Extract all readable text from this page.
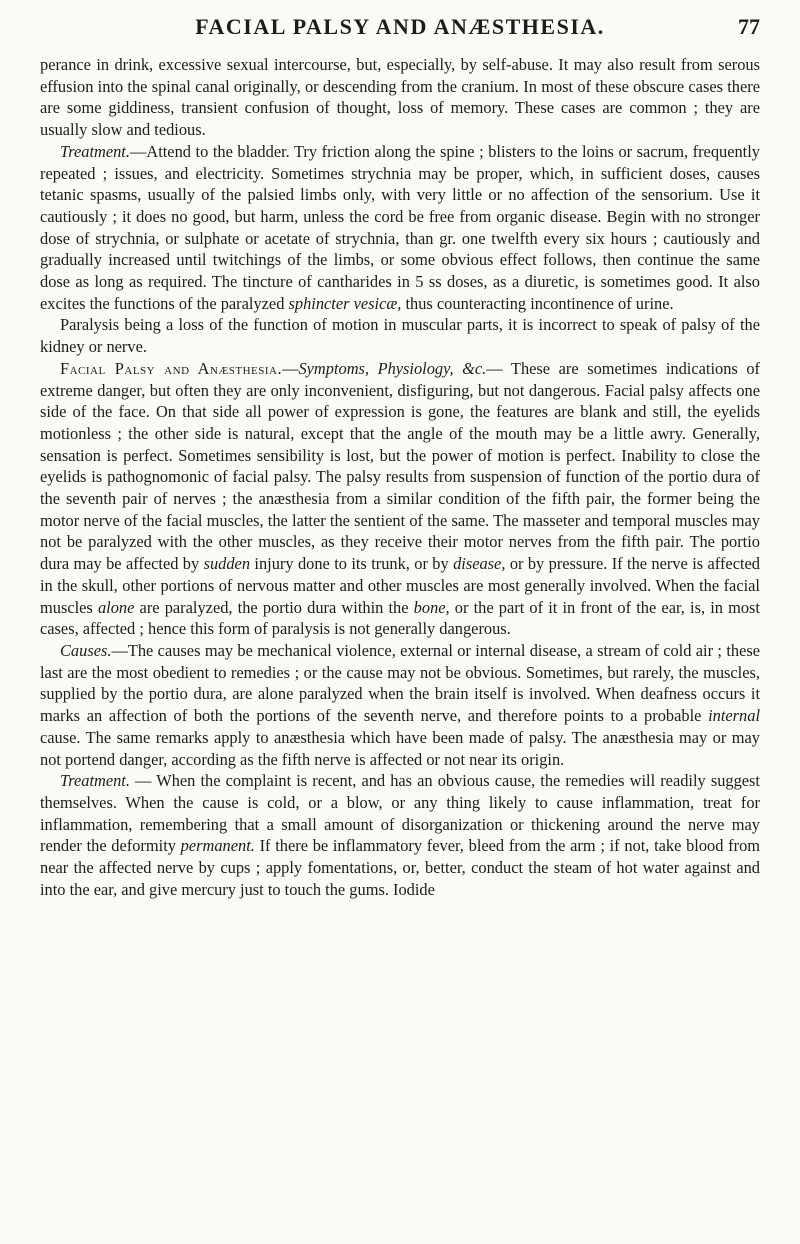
FACIAL PALSY AND ANÆSTHESIA.	77

perance in drink, excessive sexual intercourse, but, especially, by self-abuse. It may also result from serous effusion into the spinal canal originally, or descending from the cranium. In most of these obscure cases there are some giddiness, transient confusion of thought, loss of memory. These cases are common ; they are usually slow and tedious.

Treatment.—Attend to the bladder. Try friction along the spine ; blisters to the loins or sacrum, frequently repeated ; issues, and electricity. Sometimes strychnia may be proper, which, in sufficient doses, causes tetanic spasms, usually of the palsied limbs only, with very little or no affection of the sensorium. Use it cautiously ; it does no good, but harm, unless the cord be free from organic disease. Begin with no stronger dose of strychnia, or sulphate or acetate of strychnia, than gr. one twelfth every six hours ; cautiously and gradually increased until twitchings of the limbs, or some obvious effect follows, then continue the same dose as long as required. The tincture of cantharides in 5 ss doses, as a diuretic, is sometimes good. It also excites the functions of the paralyzed sphincter vesicæ, thus counteracting incontinence of urine.

Paralysis being a loss of the function of motion in muscular parts, it is incorrect to speak of palsy of the kidney or nerve.

Facial Palsy and Anæsthesia.—Symptoms, Physiology, &c.— These are sometimes indications of extreme danger, but often they are only inconvenient, disfiguring, but not dangerous. Facial palsy affects one side of the face. On that side all power of expression is gone, the features are blank and still, the eyelids motionless ; the other side is natural, except that the angle of the mouth may be a little awry. Generally, sensation is perfect. Sometimes sensibility is lost, but the power of motion is perfect. Inability to close the eyelids is pathognomonic of facial palsy. The palsy results from suspension of function of the portio dura of the seventh pair of nerves ; the anæsthesia from a similar condition of the fifth pair, the former being the motor nerve of the facial muscles, the latter the sentient of the same. The masseter and temporal muscles may not be paralyzed with the other muscles, as they receive their motor nerves from the fifth pair. The portio dura may be affected by sudden injury done to its trunk, or by disease, or by pressure. If the nerve is affected in the skull, other portions of nervous matter and other muscles are most generally involved. When the facial muscles alone are paralyzed, the portio dura within the bone, or the part of it in front of the ear, is, in most cases, affected ; hence this form of paralysis is not generally dangerous.

Causes.—The causes may be mechanical violence, external or internal disease, a stream of cold air ; these last are the most obedient to remedies ; or the cause may not be obvious. Sometimes, but rarely, the muscles, supplied by the portio dura, are alone paralyzed when the brain itself is involved. When deafness occurs it marks an affection of both the portions of the seventh nerve, and therefore points to a probable internal cause. The same remarks apply to anæsthesia which have been made of palsy. The anæsthesia may or may not portend danger, according as the fifth nerve is affected or not near its origin.

Treatment. — When the complaint is recent, and has an obvious cause, the remedies will readily suggest themselves. When the cause is cold, or a blow, or any thing likely to cause inflammation, treat for inflammation, remembering that a small amount of disorganization or thickening around the nerve may render the deformity permanent. If there be inflammatory fever, bleed from the arm ; if not, take blood from near the affected nerve by cups ; apply fomentations, or, better, conduct the steam of hot water against and into the ear, and give mercury just to touch the gums. Iodide
